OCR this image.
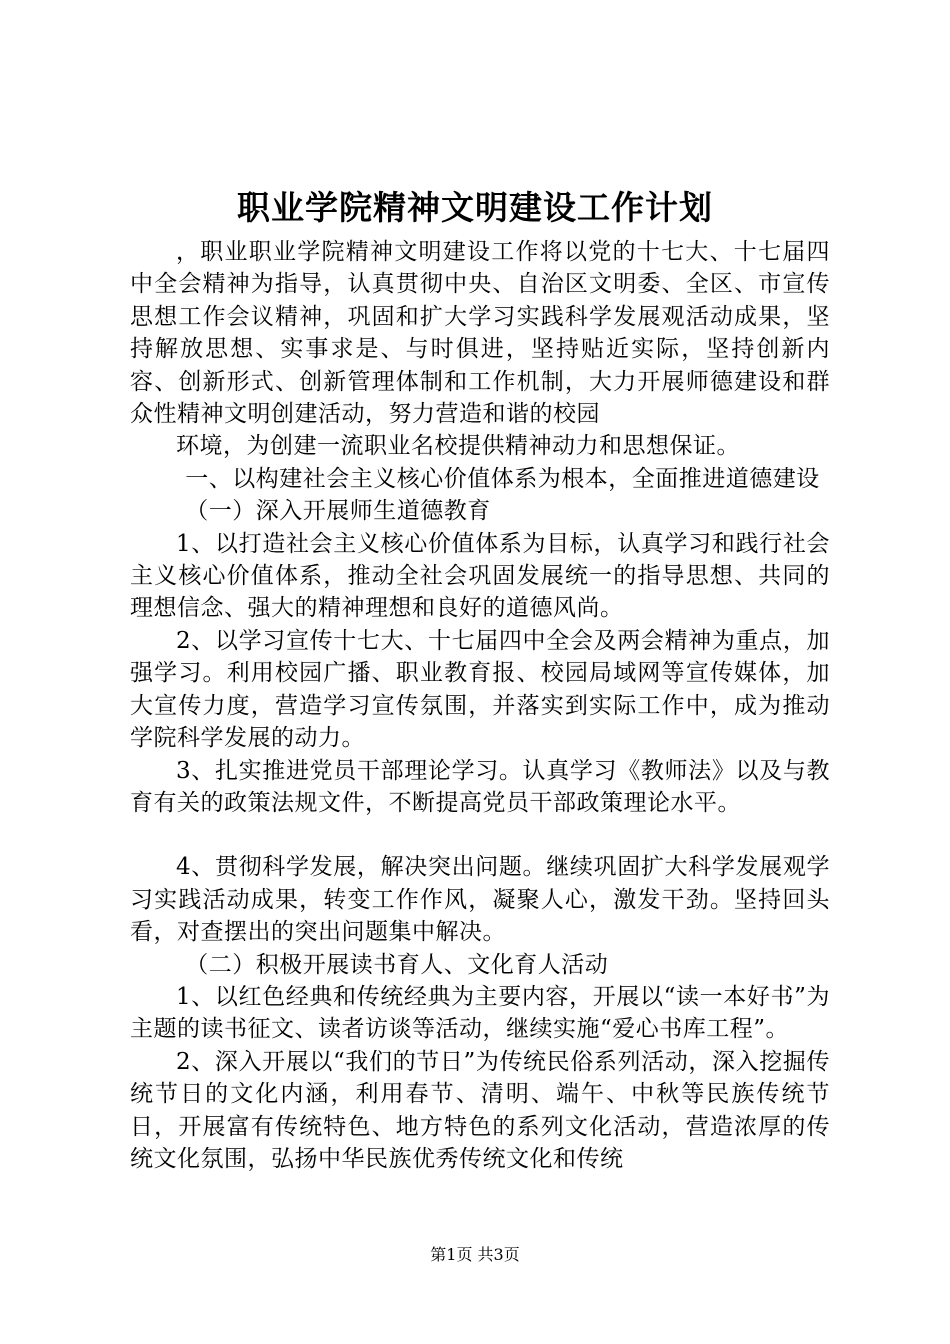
职业学院精神文明建设工作计划

，职业职业学院精神文明建设工作将以党的十七大、十七届四中全会精神为指导，认真贯彻中央、自治区文明委、全区、市宣传思想工作会议精神，巩固和扩大学习实践科学发展观活动成果，坚持解放思想、实事求是、与时俱进，坚持贴近实际，坚持创新内容、创新形式、创新管理体制和工作机制，大力开展师德建设和群众性精神文明创建活动，努力营造和谐的校园

环境，为创建一流职业名校提供精神动力和思想保证。

一、以构建社会主义核心价值体系为根本，全面推进道德建设

（一）深入开展师生道德教育

1、以打造社会主义核心价值体系为目标，认真学习和践行社会主义核心价值体系，推动全社会巩固发展统一的指导思想、共同的理想信念、强大的精神理想和良好的道德风尚。

2、以学习宣传十七大、十七届四中全会及两会精神为重点，加强学习。利用校园广播、职业教育报、校园局域网等宣传媒体，加大宣传力度，营造学习宣传氛围，并落实到实际工作中，成为推动学院科学发展的动力。

3、扎实推进党员干部理论学习。认真学习《教师法》以及与教育有关的政策法规文件，不断提高党员干部政策理论水平。

4、贯彻科学发展，解决突出问题。继续巩固扩大科学发展观学习实践活动成果，转变工作作风，凝聚人心，激发干劲。坚持回头看，对查摆出的突出问题集中解决。

（二）积极开展读书育人、文化育人活动

1、以红色经典和传统经典为主要内容，开展以“读一本好书”为主题的读书征文、读者访谈等活动，继续实施“爱心书库工程”。

2、深入开展以“我们的节日”为传统民俗系列活动，深入挖掘传统节日的文化内涵，利用春节、清明、端午、中秋等民族传统节日，开展富有传统特色、地方特色的系列文化活动，营造浓厚的传统文化氛围，弘扬中华民族优秀传统文化和传统

第1页 共3页
